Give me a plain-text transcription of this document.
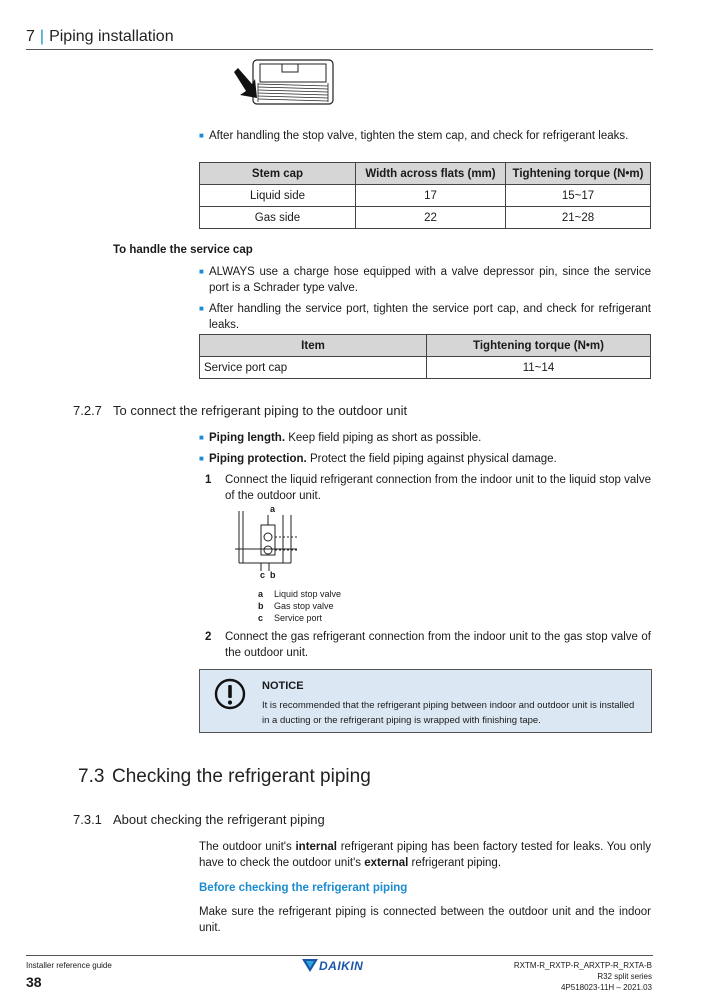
7 | Piping installation
■ After handling the stop valve, tighten the stem cap, and check for refrigerant leaks.
Stem cap	Width across flats (mm)	Tightening torque (N•m)
Liquid side	17	15~17
Gas side	22	21~28
To handle the service cap
■ ALWAYS use a charge hose equipped with a valve depressor pin, since the service port is a Schrader type valve.
■ After handling the service port, tighten the service port cap, and check for refrigerant leaks.
Item	Tightening torque (N•m)
Service port cap	11~14
7.2.7 To connect the refrigerant piping to the outdoor unit
■ Piping length. Keep field piping as short as possible.
■ Piping protection. Protect the field piping against physical damage.
1 Connect the liquid refrigerant connection from the indoor unit to the liquid stop valve of the outdoor unit.
a
c b
a Liquid stop valve
b Gas stop valve
c Service port
2 Connect the gas refrigerant connection from the indoor unit to the gas stop valve of the outdoor unit.
NOTICE
It is recommended that the refrigerant piping between indoor and outdoor unit is installed in a ducting or the refrigerant piping is wrapped with finishing tape.
7.3 Checking the refrigerant piping
7.3.1 About checking the refrigerant piping
The outdoor unit's internal refrigerant piping has been factory tested for leaks. You only have to check the outdoor unit's external refrigerant piping.
Before checking the refrigerant piping
Make sure the refrigerant piping is connected between the outdoor unit and the indoor unit.
Installer reference guide
38
DAIKIN	RXTM-R_RXTP-R_ARXTP-R_RXTA-B
R32 split series
4P518023-11H – 2021.03
